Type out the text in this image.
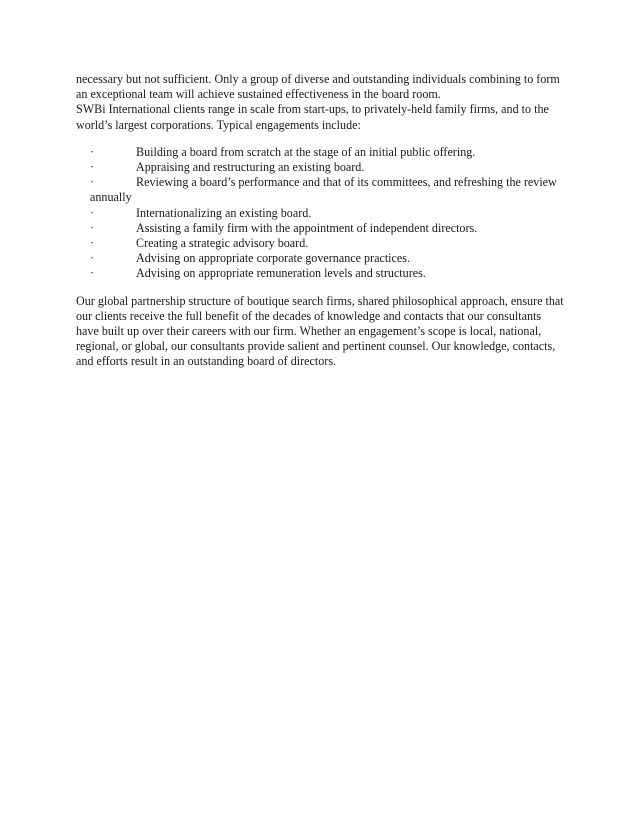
necessary but not sufficient. Only a group of diverse and outstanding individuals combining to form an exceptional team will achieve sustained effectiveness in the board room.

SWBi International clients range in scale from start-ups, to privately-held family firms, and to the world’s largest corporations. Typical engagements include:

·	Building a board from scratch at the stage of an initial public offering.
·	Appraising and restructuring an existing board.
·	Reviewing a board’s performance and that of its committees, and refreshing the review
annually
·	Internationalizing an existing board.
·	Assisting a family firm with the appointment of independent directors.
·	Creating a strategic advisory board.
·	Advising on appropriate corporate governance practices.
·	Advising on appropriate remuneration levels and structures.

Our global partnership structure of boutique search firms, shared philosophical approach, ensure that our clients receive the full benefit of the decades of knowledge and contacts that our consultants have built up over their careers with our firm. Whether an engagement’s scope is local, national, regional, or global, our consultants provide salient and pertinent counsel. Our knowledge, contacts, and efforts result in an outstanding board of directors.
